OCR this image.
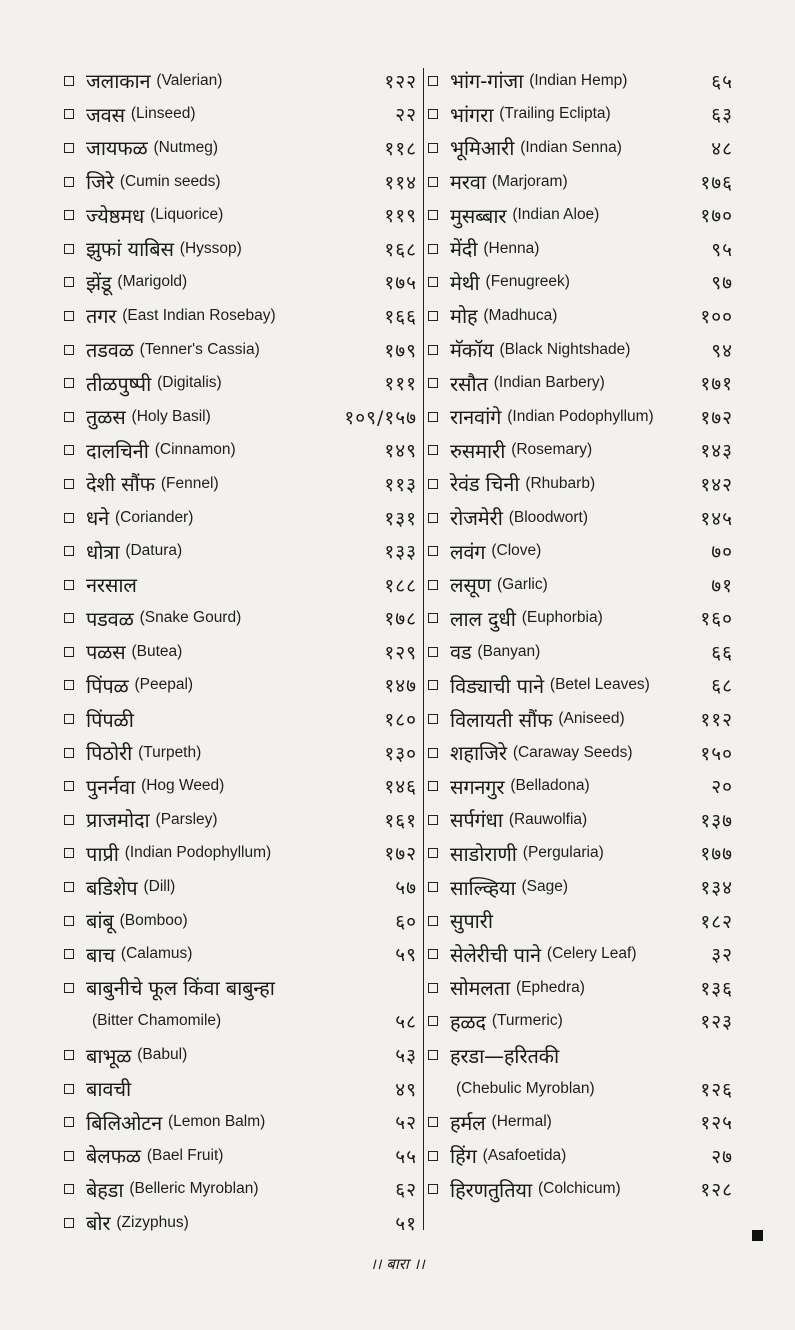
जलाकान (Valerian)	१२२
जवस (Linseed)	२२
जायफळ (Nutmeg)	११८
जिरे (Cumin seeds)	११४
ज्येष्ठमध (Liquorice)	११९
झुफां याबिस (Hyssop)	१६८
झेंडू (Marigold)	१७५
तगर (East Indian Rosebay)	१६६
तडवळ (Tenner's Cassia)	१७९
तीळपुष्पी (Digitalis)	१११
तुळस (Holy Basil)	१०९/१५७
दालचिनी (Cinnamon)	१४९
देशी सौंफ (Fennel)	११३
धने (Coriander)	१३१
धोत्रा (Datura)	१३३
नरसाल	१८८
पडवळ (Snake Gourd)	१७८
पळस (Butea)	१२९
पिंपळ (Peepal)	१४७
पिंपळी	१८०
पिठोरी (Turpeth)	१३०
पुनर्नवा (Hog Weed)	१४६
प्राजमोदा (Parsley)	१६१
पाप्री (Indian Podophyllum)	१७२
बडिशेप (Dill)	५७
बांबू (Bomboo)	६०
बाच (Calamus)	५९
बाबुनीचे फूल किंवा बाबुन्हा
(Bitter Chamomile)	५८
बाभूळ (Babul)	५३
बावची	४९
बिलिओटन (Lemon Balm)	५२
बेलफळ (Bael Fruit)	५५
बेहडा (Belleric Myroblan)	६२
बोर (Zizyphus)	५१
भांग-गांजा (Indian Hemp)	६५
भांगरा (Trailing Eclipta)	६३
भूमिआरी (Indian Senna)	४८
मरवा (Marjoram)	१७६
मुसब्बार (Indian Aloe)	१७०
मेंदी (Henna)	९५
मेथी (Fenugreek)	९७
मोह (Madhuca)	१००
मॅकॉय (Black Nightshade)	९४
रसौत (Indian Barbery)	१७१
रानवांगे (Indian Podophyllum) १७२
रुसमारी (Rosemary)	१४३
रेवंड चिनी (Rhubarb)	१४२
रोजमेरी (Bloodwort)	१४५
लवंग (Clove)	७०
लसूण (Garlic)	७१
लाल दुधी (Euphorbia)	१६०
वड (Banyan)	६६
विड्याची पाने (Betel Leaves)	६८
विलायती सौंफ (Aniseed)	११२
शहाजिरे (Caraway Seeds)	१५०
सगनगुर (Belladona)	२०
सर्पगंधा (Rauwolfia)	१३७
साडोराणी (Pergularia)	१७७
साल्व्हिया (Sage)	१३४
सुपारी	१८२
सेलेरीची पाने (Celery Leaf)	३२
सोमलता (Ephedra)	१३६
हळद (Turmeric)	१२३
हरडा—हरितकी
(Chebulic Myroblan)	१२६
हर्मल (Hermal)	१२५
हिंग (Asafoetida)	२७
हिरणतुतिया (Colchicum)	१२८
।। बारा ।।
